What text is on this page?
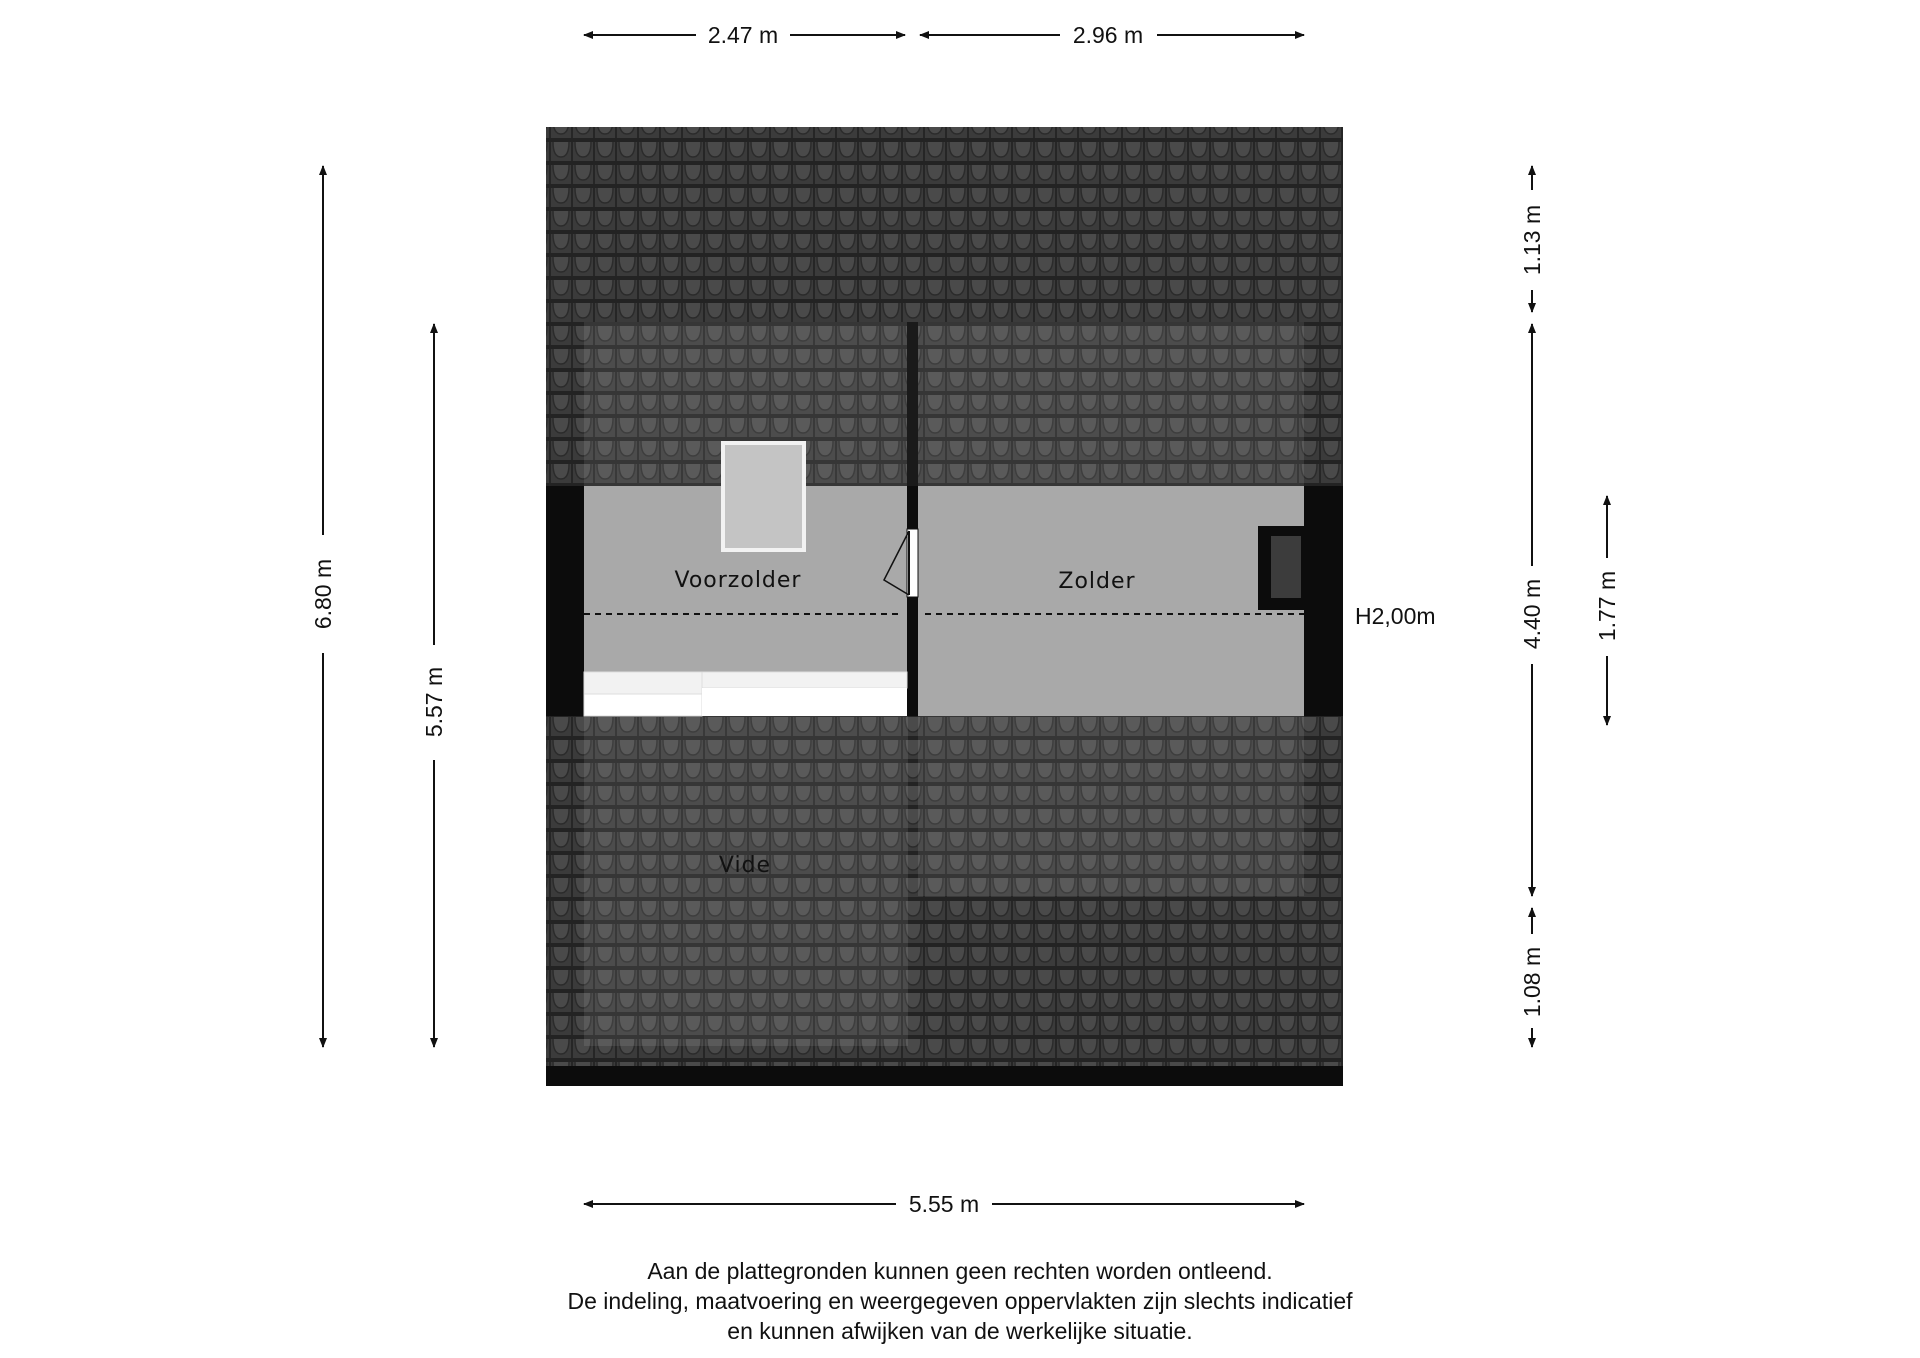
Voorzolder	Zolder
Vide
H2,00m
2.47 m	2.96 m
5.55 m
6.80 m
5.57 m
1.13 m
4.40 m
1.08 m
1.77 m
Aan de plattegronden kunnen geen rechten worden ontleend.
De indeling, maatvoering en weergegeven oppervlakten zijn slechts indicatief
en kunnen afwijken van de werkelijke situatie.
